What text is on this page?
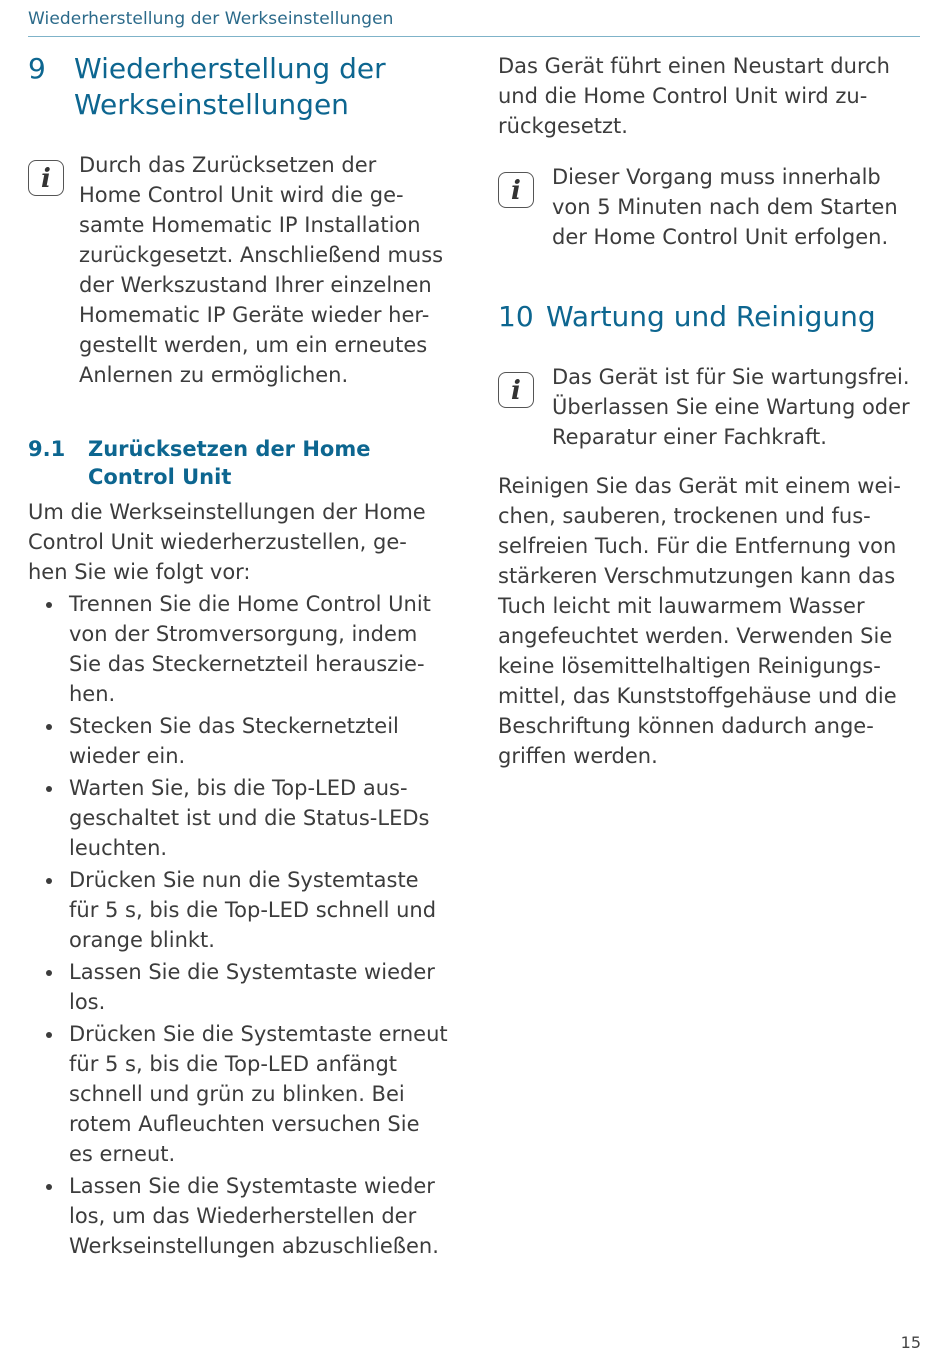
Wiederherstellung der Werkseinstellungen
9 Wiederherstellung der
Werkseinstellungen
i Durch das Zurücksetzen der
Home Control Unit wird die ge-
samte Homematic IP Installation
zurückgesetzt. Anschließend muss
der Werkszustand Ihrer einzelnen
Homematic IP Geräte wieder her-
gestellt werden, um ein erneutes
Anlernen zu ermöglichen.

9.1 Zurücksetzen der Home Control Unit

Um die Werkseinstellungen der Home
Control Unit wiederherzustellen, ge-
hen Sie wie folgt vor:

Trennen Sie die Home Control Unit
von der Stromversorgung, indem
Sie das Steckernetzteil herauszie-
hen.
Stecken Sie das Steckernetzteil
wieder ein.
Warten Sie, bis die Top-LED aus-
geschaltet ist und die Status-LEDs
leuchten.
Drücken Sie nun die Systemtaste
für 5 s, bis die Top-LED schnell und
orange blinkt.
Lassen Sie die Systemtaste wieder
los.
Drücken Sie die Systemtaste erneut
für 5 s, bis die Top-LED anfängt
schnell und grün zu blinken. Bei
rotem Aufleuchten versuchen Sie
es erneut.
Lassen Sie die Systemtaste wieder
los, um das Wiederherstellen der
Werkseinstellungen abzuschließen.

Das Gerät führt einen Neustart durch
und die Home Control Unit wird zu-
rückgesetzt.

i Dieser Vorgang muss innerhalb
von 5 Minuten nach dem Starten
der Home Control Unit erfolgen.

10 Wartung und Reinigung
i Das Gerät ist für Sie wartungsfrei.
Überlassen Sie eine Wartung oder
Reparatur einer Fachkraft.

Reinigen Sie das Gerät mit einem wei-
chen, sauberen, trockenen und fus-
selfreien Tuch. Für die Entfernung von
stärkeren Verschmutzungen kann das
Tuch leicht mit lauwarmem Wasser
angefeuchtet werden. Verwenden Sie
keine lösemittelhaltigen Reinigungs-
mittel, das Kunststoffgehäuse und die
Beschriftung können dadurch ange-
griffen werden.

15
